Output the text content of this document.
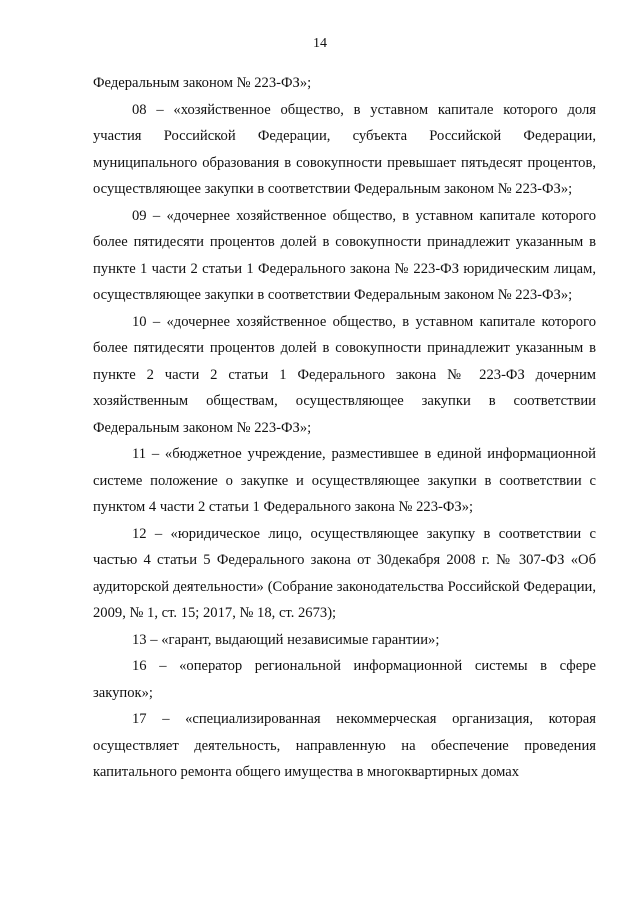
14

Федеральным законом № 223-ФЗ»;

08 – «хозяйственное общество, в уставном капитале которого доля участия Российской Федерации, субъекта Российской Федерации, муниципального образования в совокупности превышает пятьдесят процентов, осуществляющее закупки в соответствии Федеральным законом № 223-ФЗ»;

09 – «дочернее хозяйственное общество, в уставном капитале которого более пятидесяти процентов долей в совокупности принадлежит указанным в пункте 1 части 2 статьи 1 Федерального закона № 223-ФЗ юридическим лицам, осуществляющее закупки в соответствии Федеральным законом № 223-ФЗ»;

10 – «дочернее хозяйственное общество, в уставном капитале которого более пятидесяти процентов долей в совокупности принадлежит указанным в пункте 2 части 2 статьи 1 Федерального закона № 223-ФЗ дочерним хозяйственным обществам, осуществляющее закупки в соответствии Федеральным законом № 223-ФЗ»;

11 – «бюджетное учреждение, разместившее в единой информационной системе положение о закупке и осуществляющее закупки в соответствии с пунктом 4 части 2 статьи 1 Федерального закона № 223-ФЗ»;

12 – «юридическое лицо, осуществляющее закупку в соответствии с частью 4 статьи 5 Федерального закона от 30декабря 2008 г. № 307-ФЗ «Об аудиторской деятельности» (Собрание законодательства Российской Федерации, 2009, № 1, ст. 15; 2017, № 18, ст. 2673);

13 – «гарант, выдающий независимые гарантии»;

16 – «оператор региональной информационной системы в сфере закупок»;

17 – «специализированная некоммерческая организация, которая осуществляет деятельность, направленную на обеспечение проведения капитального ремонта общего имущества в многоквартирных домах
